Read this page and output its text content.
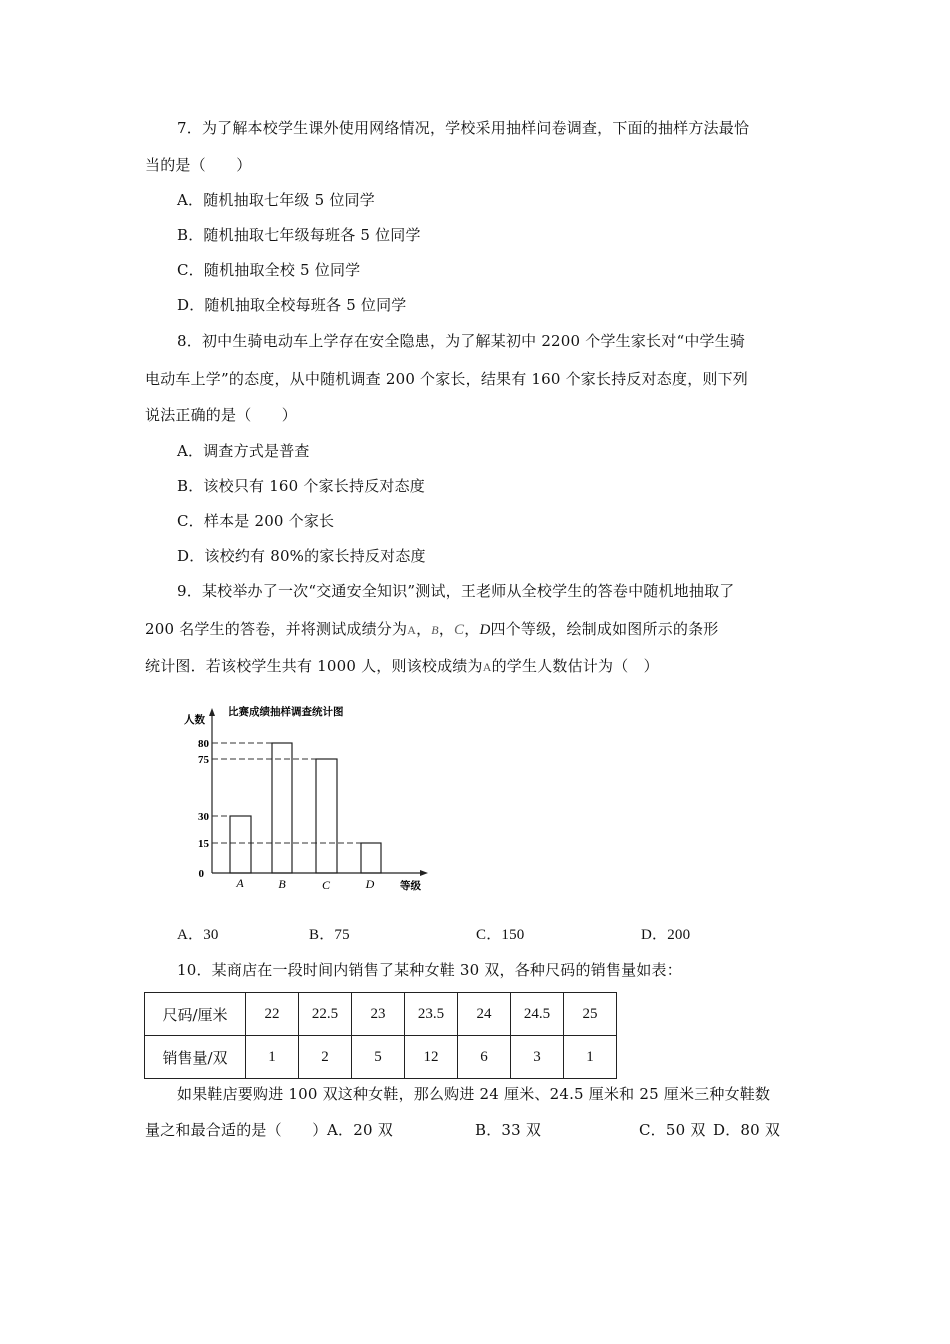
7．为了解本校学生课外使用网络情况，学校采用抽样问卷调查，下面的抽样方法最恰
当的是（　　）
A．随机抽取七年级 5 位同学
B．随机抽取七年级每班各 5 位同学
C．随机抽取全校 5 位同学
D．随机抽取全校每班各 5 位同学
8．初中生骑电动车上学存在安全隐患，为了解某初中 2200 个学生家长对“中学生骑
电动车上学”的态度，从中随机调查 200 个家长，结果有 160 个家长持反对态度，则下列
说法正确的是（　　）
A．调查方式是普查
B．该校只有 160 个家长持反对态度
C．样本是 200 个家长
D．该校约有 80%的家长持反对态度
9．某校举办了一次“交通安全知识”测试，王老师从全校学生的答卷中随机地抽取了
200 名学生的答卷，并将测试成绩分为A，B，C，D四个等级，绘制成如图所示的条形
统计图．若该校学生共有 1000 人，则该校成绩为A的学生人数估计为（　）
比赛成绩抽样调查统计图
人数
80
75
30
15
0
A	B	C	D 等级
A．30	B．75	C．150	D．200
10．某商店在一段时间内销售了某种女鞋 30 双，各种尺码的销售量如表：
尺码/厘米	22	22.5	23	23.5	24	24.5	25
销售量/双	1	2	5	12	6	3	1
如果鞋店要购进 100 双这种女鞋，那么购进 24 厘米、24.5 厘米和 25 厘米三种女鞋数
量之和最合适的是（　　） A．20 双	B．33 双	C．50 双 D．80 双
